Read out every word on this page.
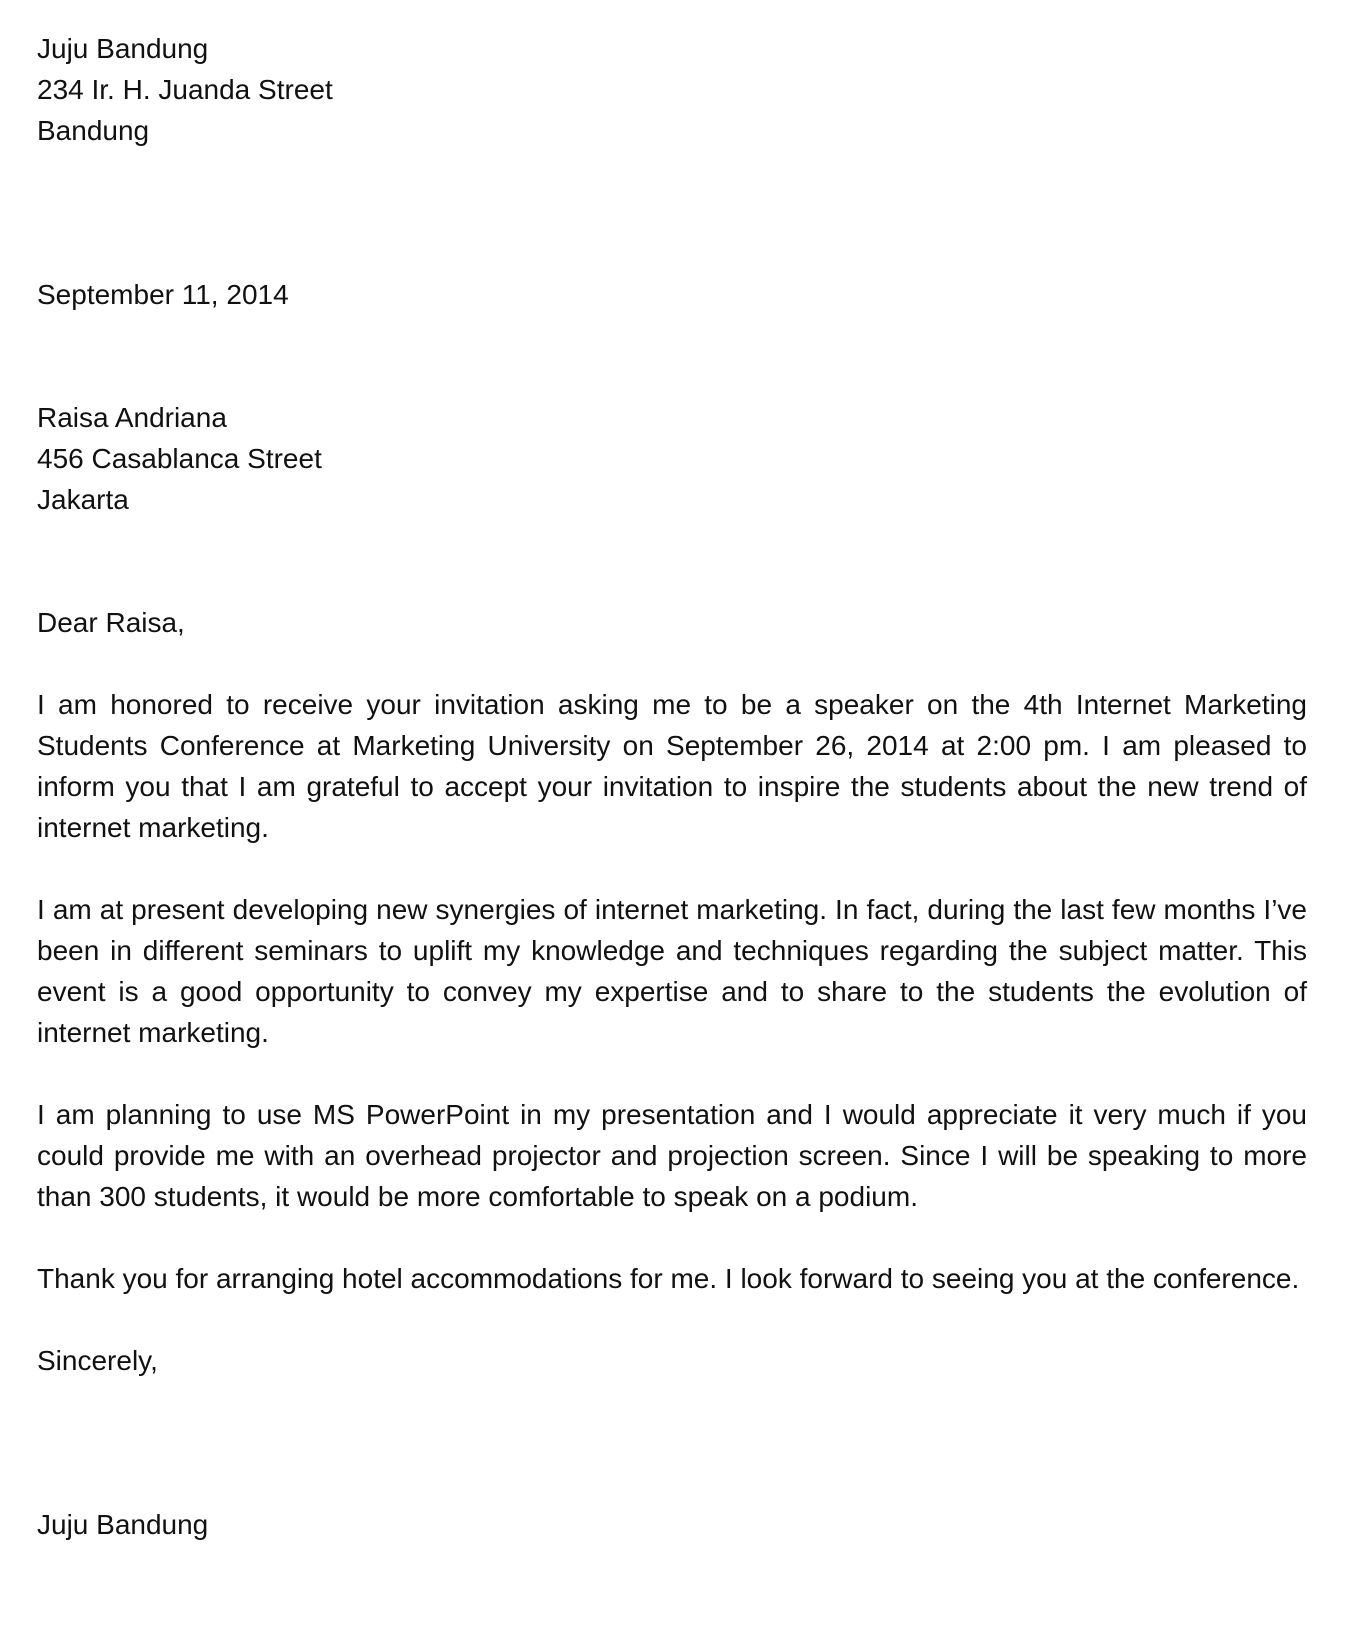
Juju Bandung
234 Ir. H. Juanda Street
Bandung
September 11, 2014
Raisa Andriana
456 Casablanca Street
Jakarta
Dear Raisa,

I am honored to receive your invitation asking me to be a speaker on the 4th Internet Marketing Students Conference at Marketing University on September 26, 2014 at 2:00 pm. I am pleased to inform you that I am grateful to accept your invitation to inspire the students about the new trend of internet marketing.

I am at present developing new synergies of internet marketing. In fact, during the last few months I’ve been in different seminars to uplift my knowledge and techniques regarding the subject matter. This event is a good opportunity to convey my expertise and to share to the students the evolution of internet marketing.

I am planning to use MS PowerPoint in my presentation and I would appreciate it very much if you could provide me with an overhead projector and projection screen. Since I will be speaking to more than 300 students, it would be more comfortable to speak on a podium.

Thank you for arranging hotel accommodations for me. I look forward to seeing you at the conference.

Sincerely,
Juju Bandung
